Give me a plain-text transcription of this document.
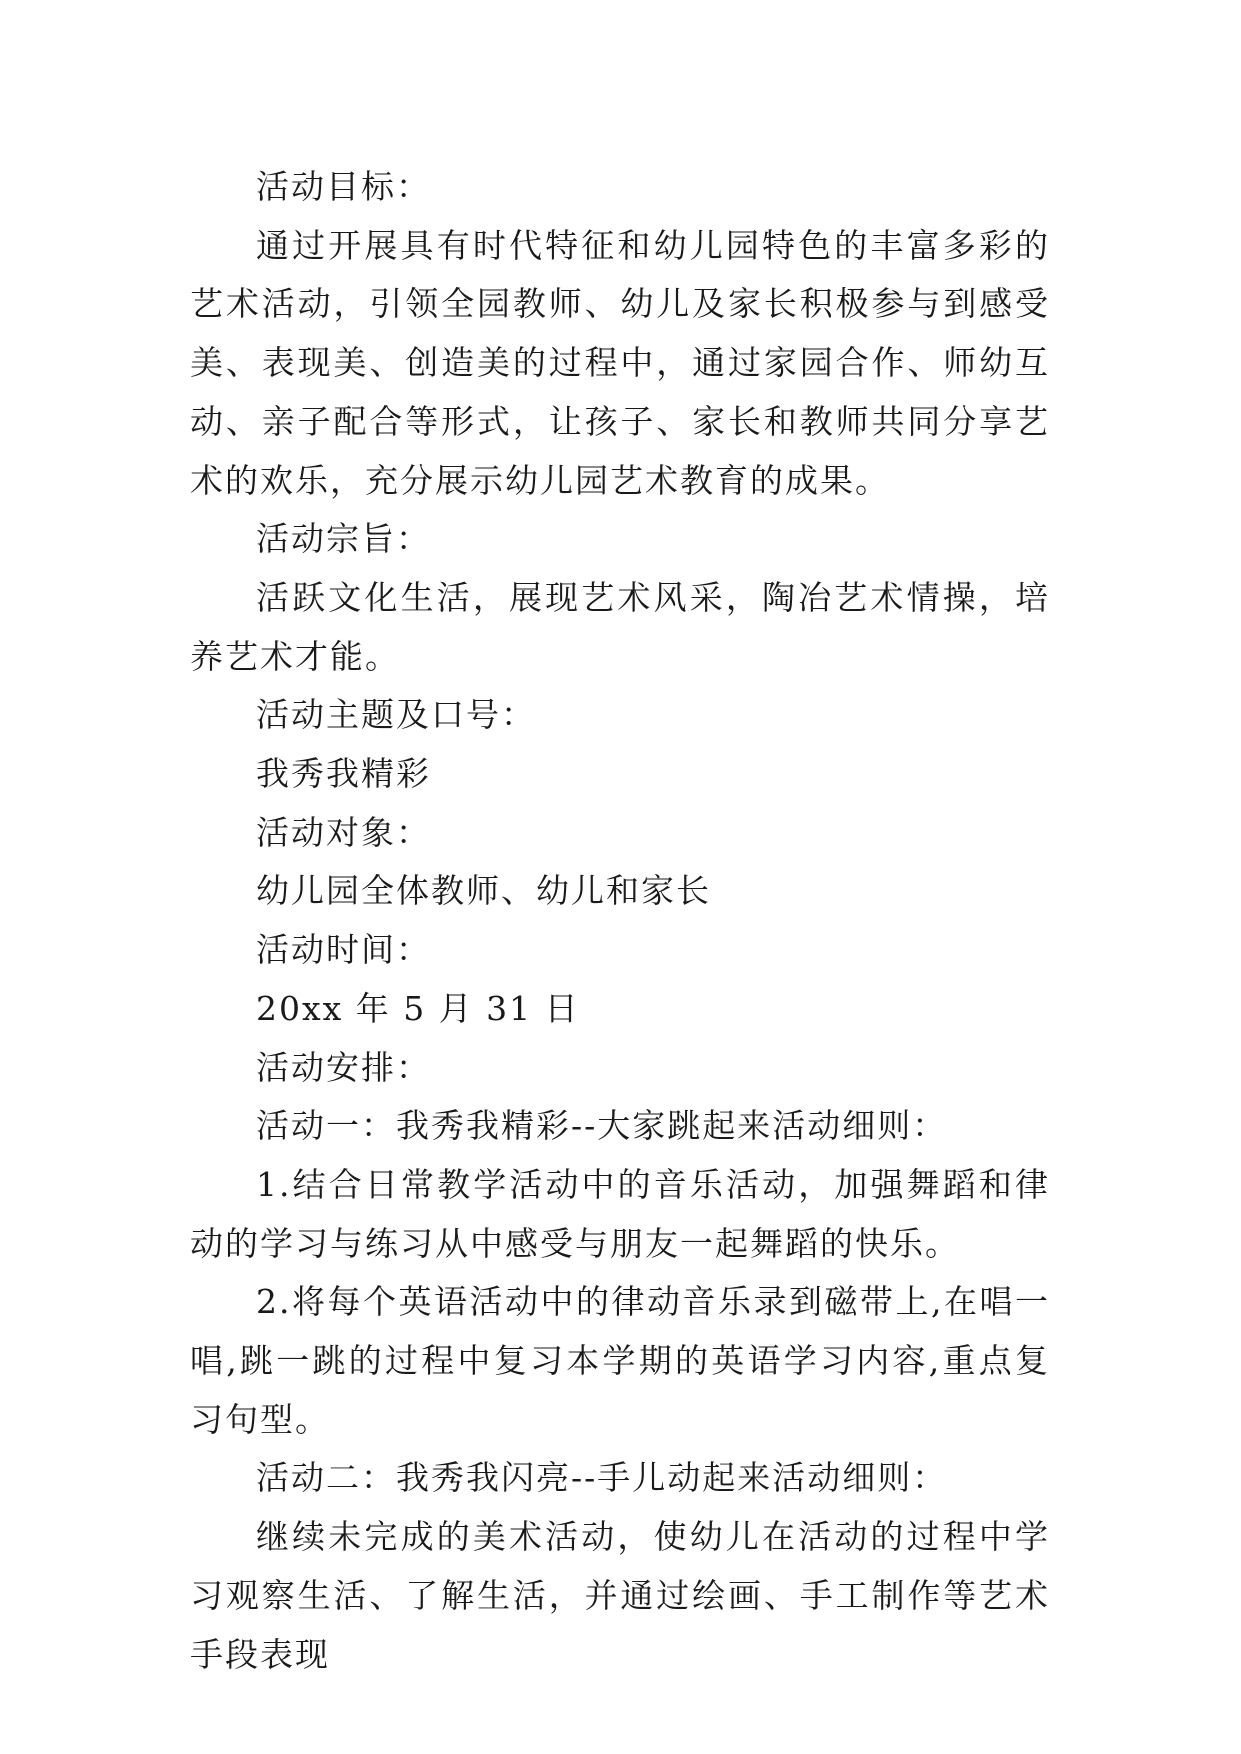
活动目标：

通过开展具有时代特征和幼儿园特色的丰富多彩的艺术活动，引领全园教师、幼儿及家长积极参与到感受美、表现美、创造美的过程中，通过家园合作、师幼互动、亲子配合等形式，让孩子、家长和教师共同分享艺术的欢乐，充分展示幼儿园艺术教育的成果。

活动宗旨：

活跃文化生活，展现艺术风采，陶冶艺术情操，培养艺术才能。

活动主题及口号：

我秀我精彩

活动对象：

幼儿园全体教师、幼儿和家长

活动时间：

20xx 年 5 月 31 日

活动安排：

活动一：我秀我精彩--大家跳起来活动细则：

1.结合日常教学活动中的音乐活动，加强舞蹈和律动的学习与练习从中感受与朋友一起舞蹈的快乐。

2.将每个英语活动中的律动音乐录到磁带上,在唱一唱,跳一跳的过程中复习本学期的英语学习内容,重点复习句型。

活动二：我秀我闪亮--手儿动起来活动细则：

继续未完成的美术活动，使幼儿在活动的过程中学习观察生活、了解生活，并通过绘画、手工制作等艺术手段表现
